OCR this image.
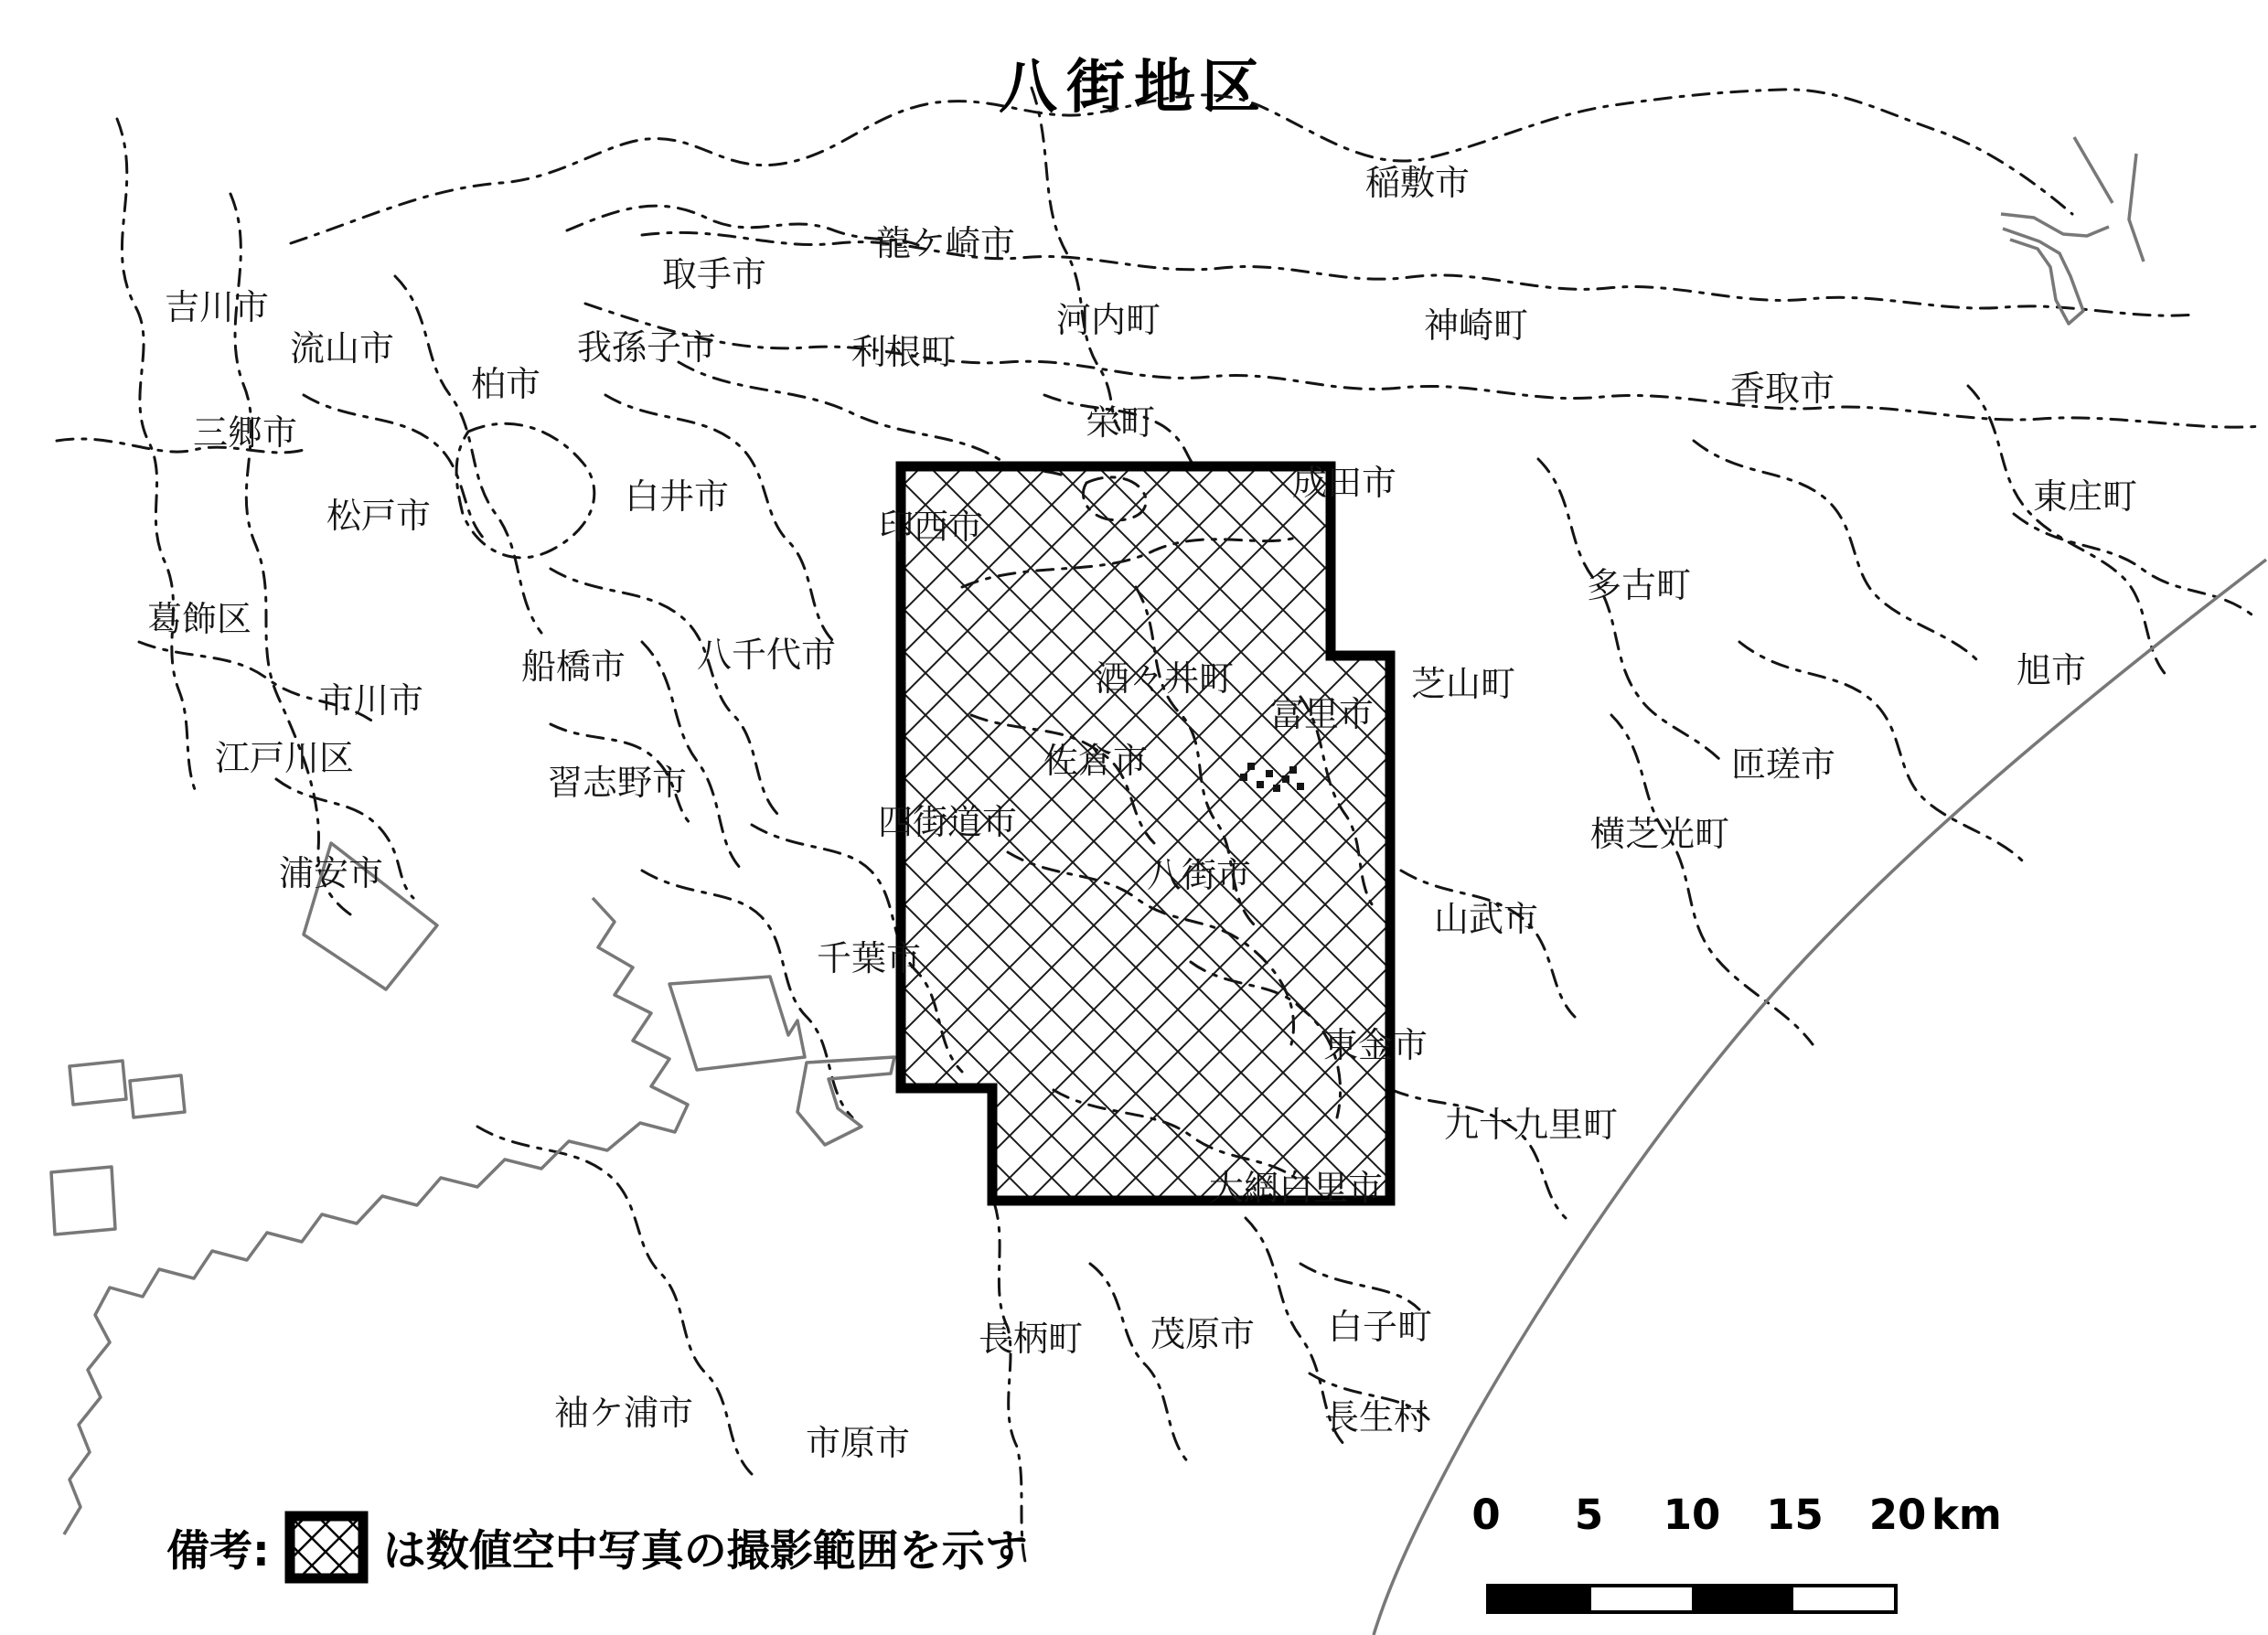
八街地区
吉川市
流山市
三郷市
松戸市
葛飾区
市川市
江戸川区
浦安市
柏市
我孫子市
取手市
龍ケ崎市
利根町
河内町
稲敷市
神崎町
香取市
東庄町
多古町
旭市
匝瑳市
横芝光町
芝山町
山武市
東金市
九十九里町
大網白里市
白子町
長生村
茂原市
長柄町
市原市
袖ケ浦市
千葉市
白井市
印西市
栄町
成田市
船橋市 八千代市
習志野市
酒々井町
富里市
佐倉市
四街道市
八街市
備考:	は数値空中写真の撮影範囲を示す
0 5 10 15 20 km
